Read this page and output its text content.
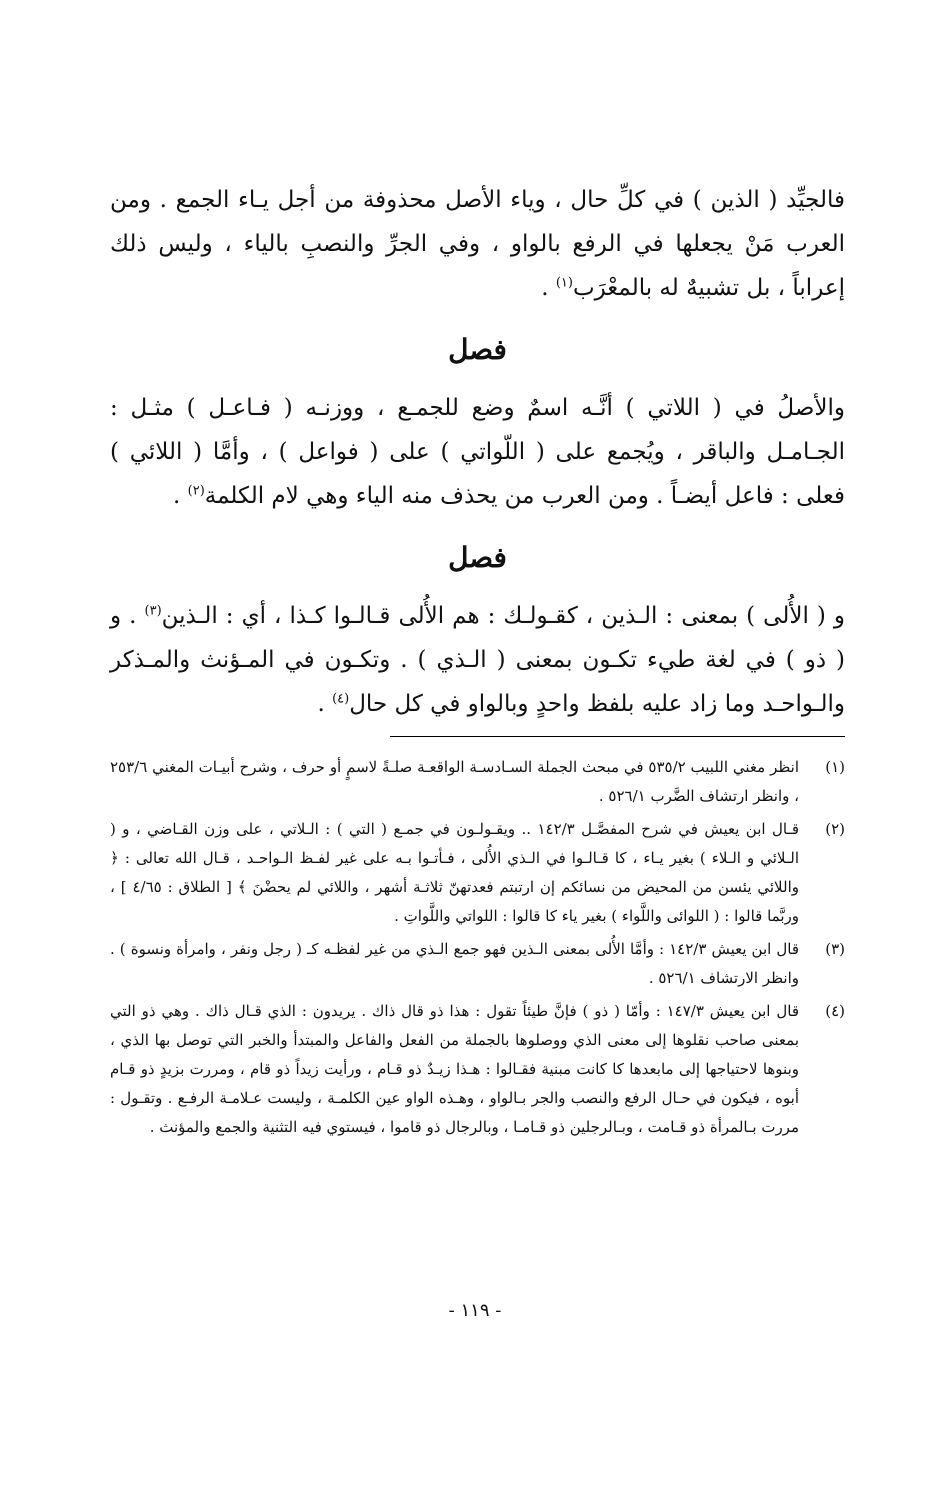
فالجيِّد ( الذين ) في كلِّ حال ، وياء الأصل محذوفة من أجل يـاء الجمع . ومن العرب مَنْ يجعلها في الرفع بالواو ، وفي الجرِّ والنصبِ بالياء ، وليس ذلك إعراباً ، بل تشبيهٌ له بالمعْرَب$^{(١)}$ .

فصل

والأصلُ في ( اللاتي ) أنَّـه اسمٌ وضع للجمـع ، ووزنـه ( فـاعـل ) مثـل : الجـامـل والباقر ، ويُجمع على ( اللّواتي ) على ( فواعل ) ، وأمَّا ( اللائي ) فعلى : فاعل أيضـاً . ومن العرب من يحذف منه الياء وهي لام الكلمة$^{(٢)}$ .

فصل

و ( الأُلى ) بمعنى : الـذين ، كقـولـك : هم الأُلى قـالـوا كـذا ، أي : الـذين$^{(٣)}$ . و ( ذو ) في لغة طيء تكـون بمعنى ( الـذي ) . وتكـون في المـؤنث والمـذكر والـواحـد وما زاد عليه بلفظ واحدٍ وبالواو في كل حال$^{(٤)}$ .

(١)
انظر مغني اللبيب ٥٣٥/٢ في مبحث الجملة السـادسـة الواقعـة صلـةً لاسمٍ أو حرف ، وشرح أبيـات المغني ٢٥٣/٦ ، وانظر ارتشاف الضَّرب ٥٢٦/١ .
(٢)
قـال ابن يعيش في شرح المفصَّـل ١٤٢/٣ .. ويقـولـون في جمـع ( التي ) : الـلاتي ، على وزن القـاضي ، و ( الـلائي و الـلاء ) بغير يـاء ، كا قـالـوا في الـذي الأُلى ، فـأتـوا بـه على غير لفـظ الـواحـد ، قـال الله تعالى : ﴿ واللائي يئسن من المحيض من نسائكم إن ارتبتم فعدتهنّ ثلاثـة أشهر ، واللائي لم يحضْنَ ﴾ [ الطلاق : ٤/٦٥ ] ، وربَّما قالوا : ( اللوائى واللَّواء ) بغير ياء كا قالوا : اللواتي واللَّواتِ .
(٣)
قال ابن يعيش ١٤٢/٣ : وأمَّا الأُلى بمعنى الـذين فهو جمع الـذي من غير لفظـه كـ ( رجل ونفر ، وامرأة ونسوة ) . وانظر الارتشاف ٥٢٦/١ .
(٤)
قال ابن يعيش ١٤٧/٣ : وأمّا ( ذو ) فإنَّ طيئاً تقول : هذا ذو قال ذاك . يريدون : الذي قـال ذاك . وهي ذو التي بمعنى صاحب نقلوها إلى معنى الذي ووصلوها بالجملة من الفعل والفاعل والمبتدأ والخبر التي توصل بها الذي ، وبنوها لاحتياجها إلى مابعدها كا كانت مبنية فقـالوا : هـذا زيـدٌ ذو قـام ، ورأيت زيداً ذو قام ، ومررت بزيدٍ ذو قـام أبوه ، فيكون في حـال الرفع والنصب والجر بـالواو ، وهـذه الواو عين الكلمـة ، وليست عـلامـة الرفـع . وتقـول : مررت بـالمرأة ذو قـامت ، وبـالرجلين ذو قـامـا ، وبالرجال ذو قاموا ، فيستوي فيه التثنية والجمع والمؤنث .
- ١١٩ -
